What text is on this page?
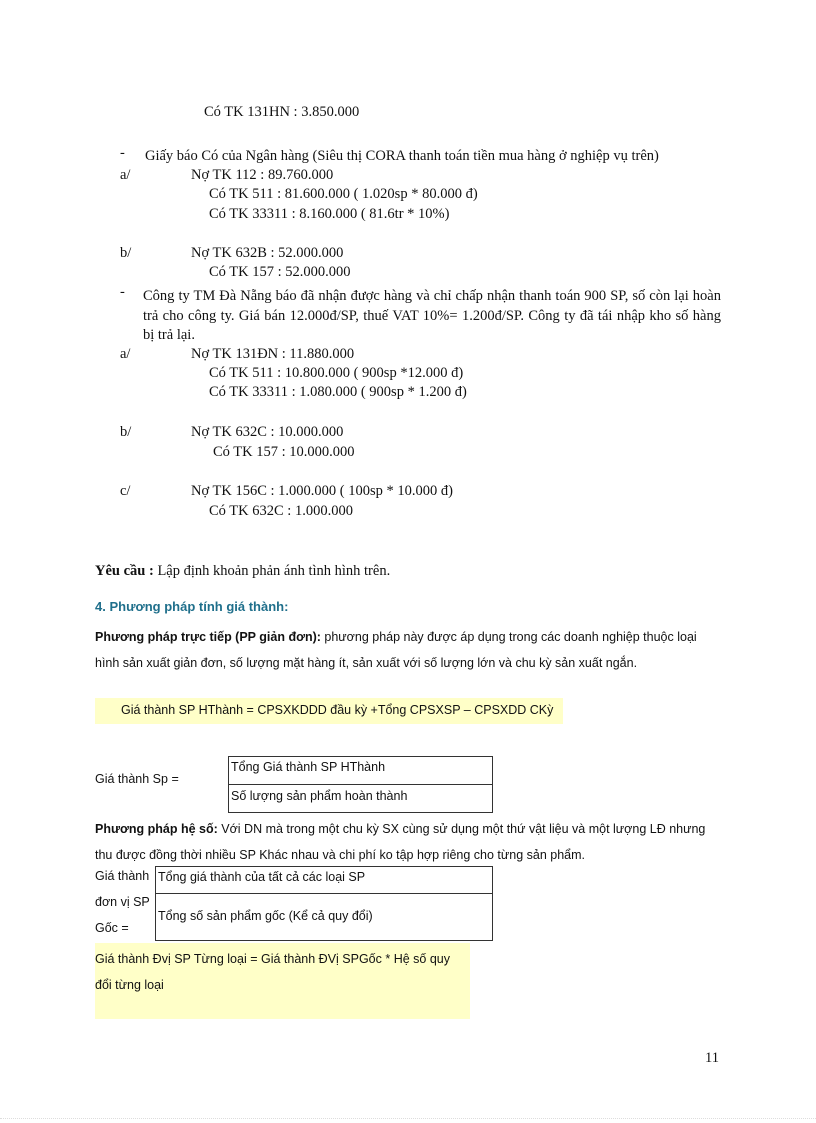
Có TK 131HN : 3.850.000
- Giấy báo Có của Ngân hàng (Siêu thị CORA thanh toán tiền mua hàng ở nghiệp vụ trên)
a/	Nợ TK 112 : 89.760.000
Có TK 511 : 81.600.000 ( 1.020sp * 80.000 đ)
Có TK 33311 : 8.160.000 ( 81.6tr * 10%)
b/	Nợ TK 632B : 52.000.000
Có TK 157 : 52.000.000
- Công ty TM Đà Nẵng báo đã nhận được hàng và chỉ chấp nhận thanh toán 900 SP, số còn lại hoàn trả cho công ty. Giá bán 12.000đ/SP, thuế VAT 10%= 1.200đ/SP. Công ty đã tái nhập kho số hàng bị trả lại.
a/	Nợ TK 131ĐN : 11.880.000
Có TK 511 : 10.800.000 ( 900sp *12.000 đ)
Có TK 33311 : 1.080.000 ( 900sp * 1.200 đ)
b/	Nợ TK 632C : 10.000.000
Có TK 157 : 10.000.000
c/	Nợ TK 156C : 1.000.000 ( 100sp * 10.000 đ)
Có TK 632C : 1.000.000
Yêu cầu : Lập định khoản phản ánh tình hình trên.
4. Phương pháp tính giá thành:
Phương pháp trực tiếp (PP giản đơn): phương pháp này được áp dụng trong các doanh nghiệp thuộc loại hình sản xuất giản đơn, số lượng mặt hàng ít, sản xuất với số lượng lớn và chu kỳ sản xuất ngắn.
Giá thành SP HThành = CPSXKDDD đầu kỳ +Tổng CPSXSP – CPSXDD CKỳ
Giá thành Sp =
Tổng Giá thành SP HThành
Số lượng sản phẩm hoàn thành
Phương pháp hệ số: Với DN mà trong một chu kỳ SX cùng sử dụng một thứ vật liệu và một lượng LĐ nhưng thu được đồng thời nhiều SP Khác nhau và chi phí ko tập hợp riêng cho từng sản phẩm.
Giá thành
đơn vị SP
Gốc =
Tổng giá thành của tất cả các loại SP
Tổng số sản phẩm gốc (Kể cả quy đổi)
Giá thành Đvị SP Từng loại = Giá thành ĐVị SPGốc * Hệ số quy đổi từng loại
11
